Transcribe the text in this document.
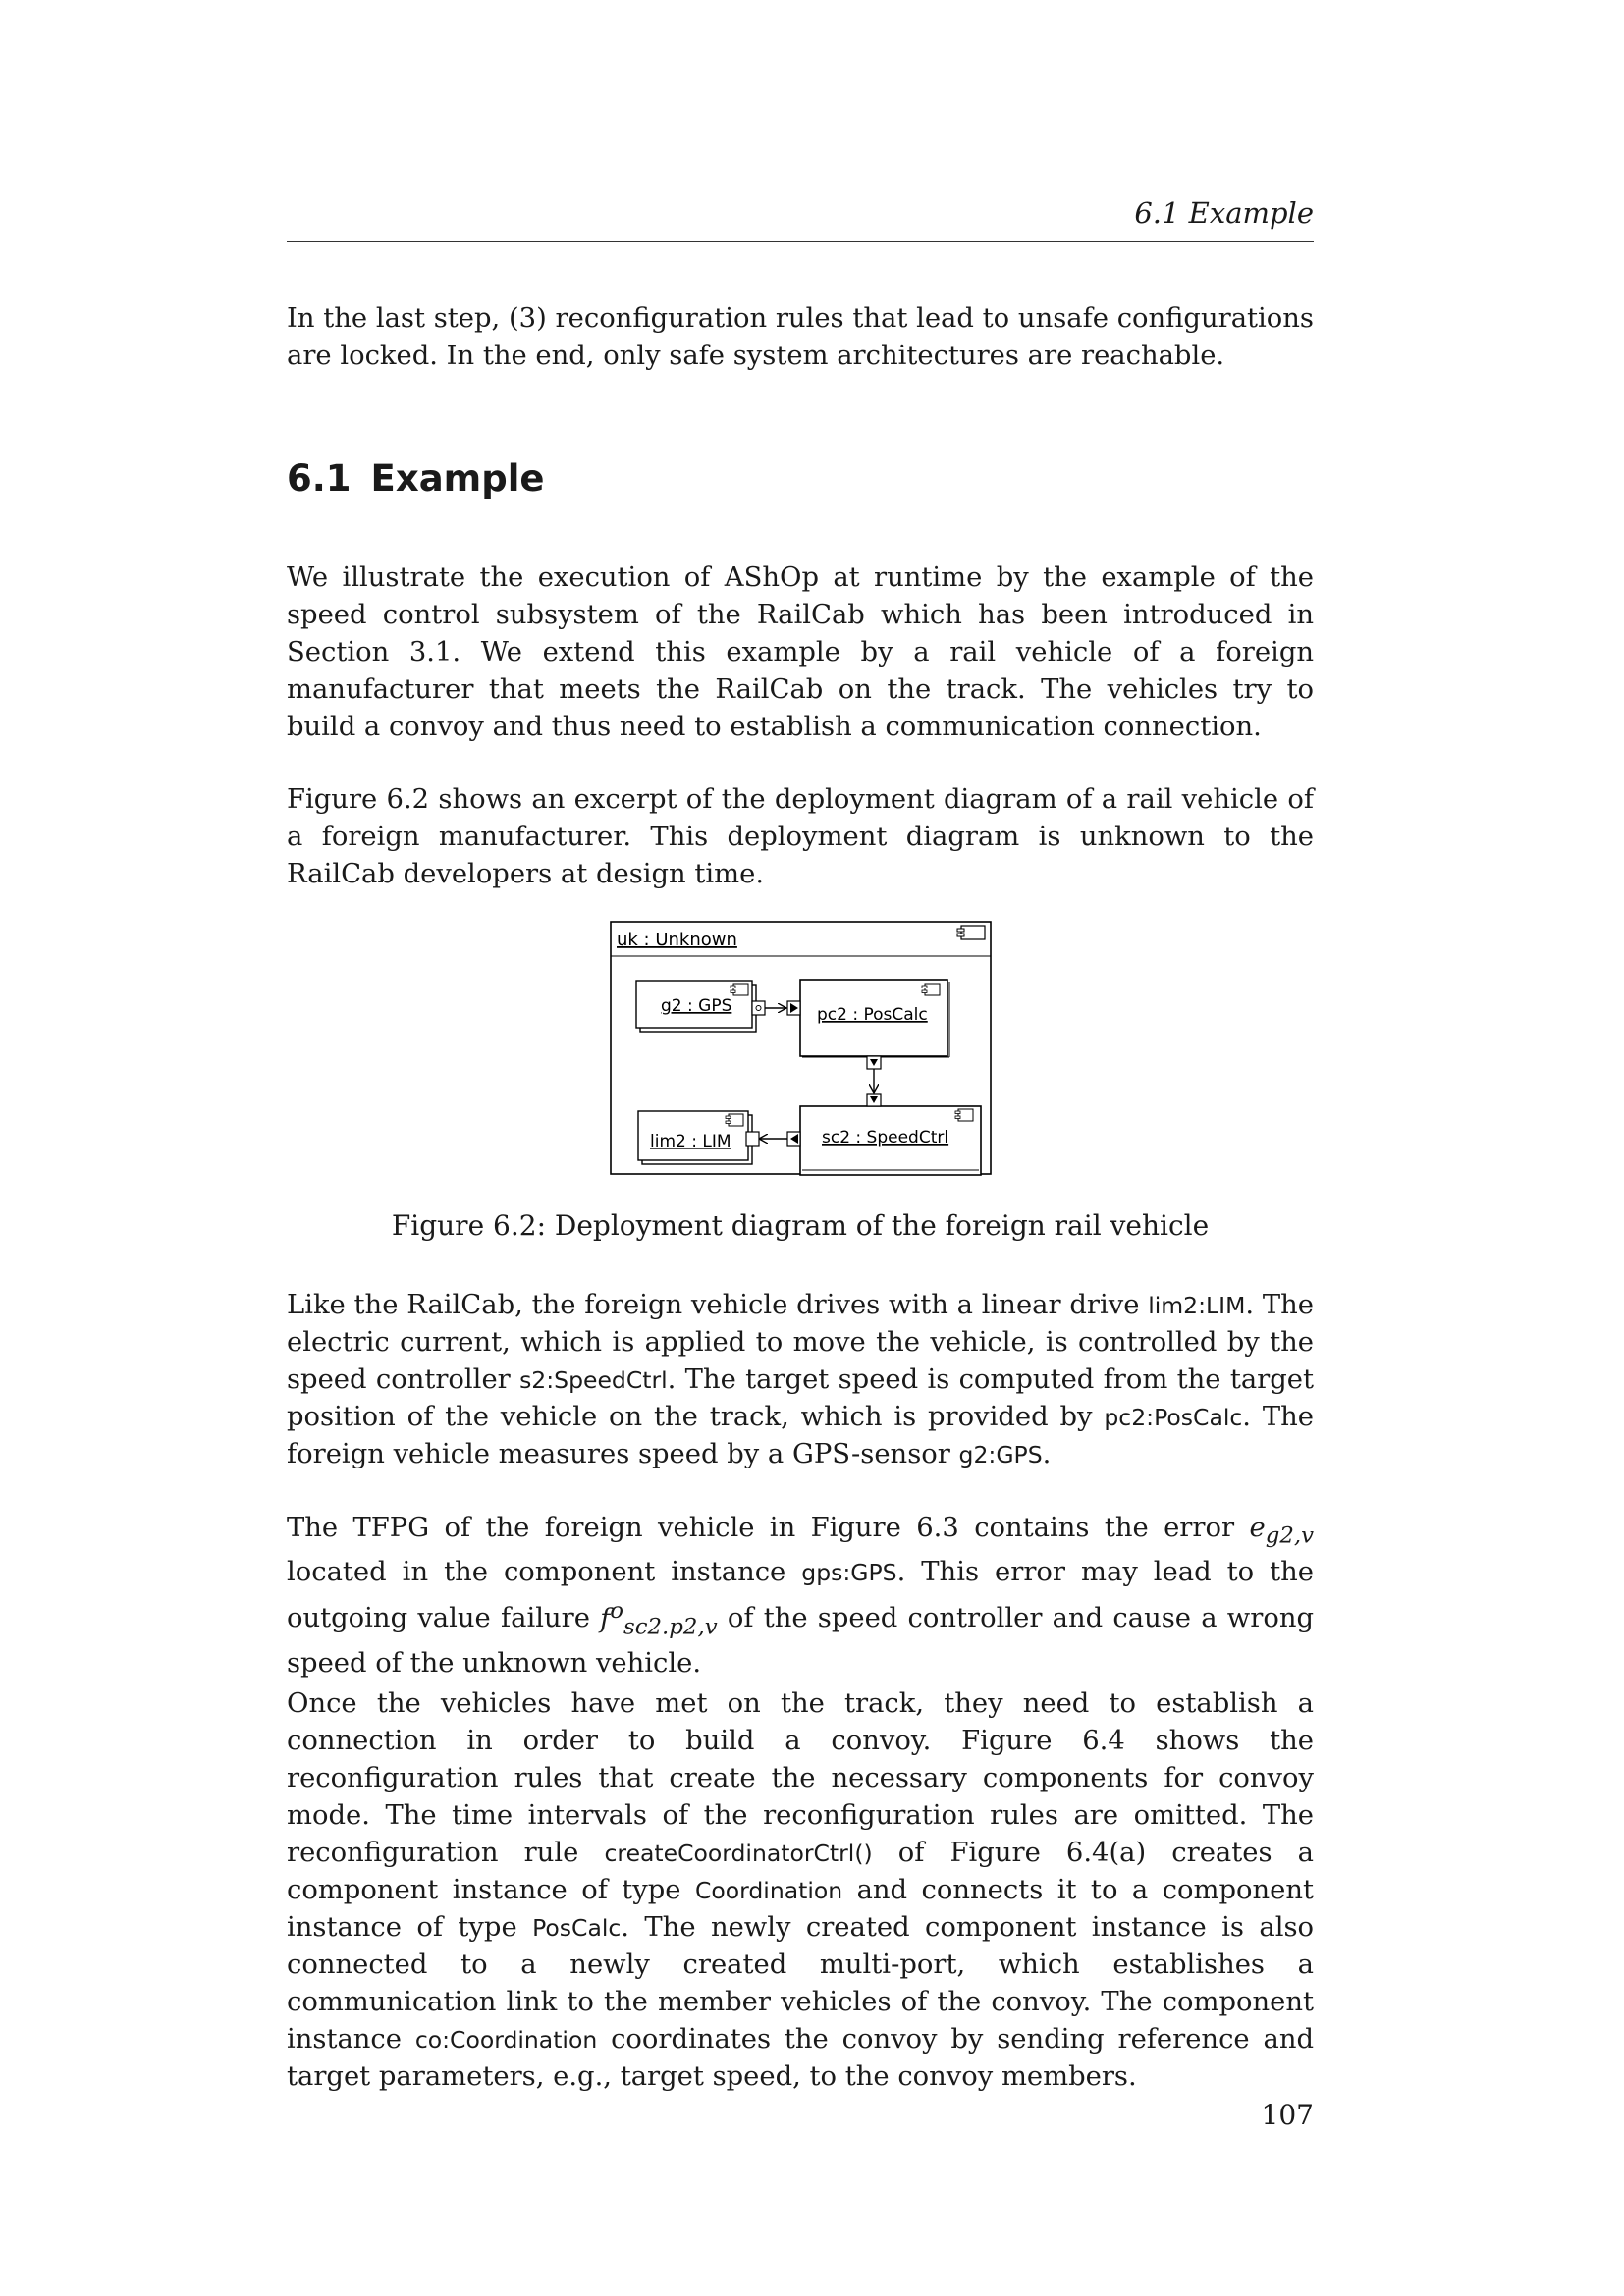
6.1 Example

In the last step, (3) reconfiguration rules that lead to unsafe configurations are locked. In the end, only safe system architectures are reachable.

6.1 Example

We illustrate the execution of AShOp at runtime by the example of the speed control subsystem of the RailCab which has been introduced in Section 3.1. We extend this example by a rail vehicle of a foreign manufacturer that meets the RailCab on the track. The vehicles try to build a convoy and thus need to establish a communication connection.

Figure 6.2 shows an excerpt of the deployment diagram of a rail vehicle of a foreign manufacturer. This deployment diagram is unknown to the RailCab developers at design time.

uk : Unknown
g2 : GPS	pc2 : PosCalc
sc2 : SpeedCtrl
lim2 : LIM

Figure 6.2: Deployment diagram of the foreign rail vehicle

Like the RailCab, the foreign vehicle drives with a linear drive lim2:LIM. The electric current, which is applied to move the vehicle, is controlled by the speed controller s2:SpeedCtrl. The target speed is computed from the target position of the vehicle on the track, which is provided by pc2:PosCalc. The foreign vehicle measures speed by a GPS-sensor g2:GPS.

The TFPG of the foreign vehicle in Figure 6.3 contains the error $e_{g2,v}$ located in the component instance gps:GPS. This error may lead to the outgoing value failure $f^o_{sc2.p2,v}$ of the speed controller and cause a wrong speed of the unknown vehicle.

Once the vehicles have met on the track, they need to establish a connection in order to build a convoy. Figure 6.4 shows the reconfiguration rules that create the necessary components for convoy mode. The time intervals of the reconfiguration rules are omitted. The reconfiguration rule createCoordinatorCtrl() of Figure 6.4(a) creates a component instance of type Coordination and connects it to a component instance of type PosCalc. The newly created component instance is also connected to a newly created multi-port, which establishes a communication link to the member vehicles of the convoy. The component instance co:Coordination coordinates the convoy by sending reference and target parameters, e.g., target speed, to the convoy members.

107
